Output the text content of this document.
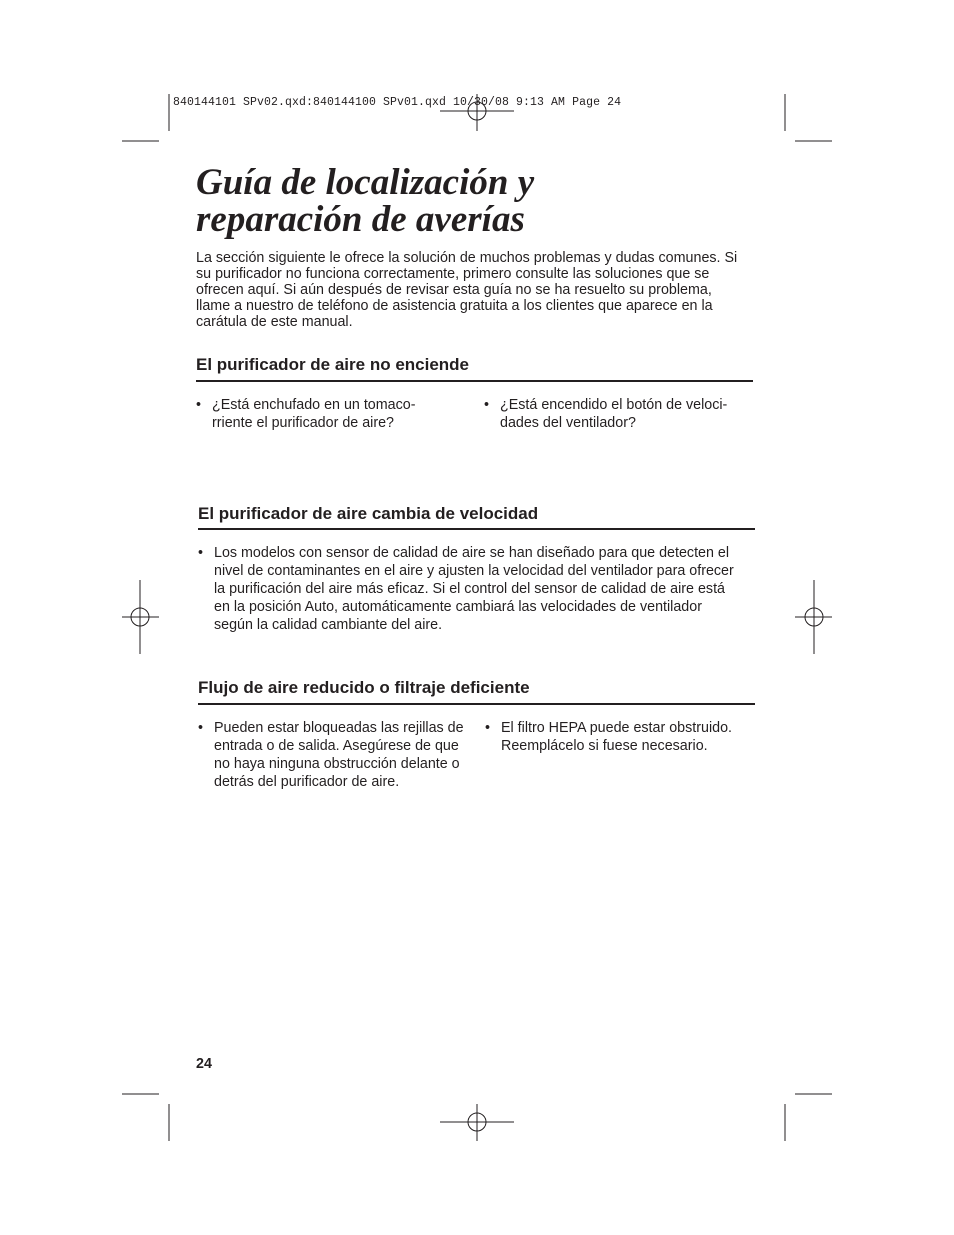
840144101 SPv02.qxd:840144100 SPv01.qxd 10/30/08 9:13 AM Page 24
Guía de localización y
reparación de averías

La sección siguiente le ofrece la solución de muchos problemas y dudas comunes. Si su purificador no funciona correctamente, primero consulte las soluciones que se ofrecen aquí. Si aún después de revisar esta guía no se ha resuelto su problema, llame a nuestro de teléfono de asistencia gratuita a los clientes que aparece en la carátula de este manual.

El purificador de aire no enciende
• ¿Está enchufado en un tomaco-
rriente el purificador de aire?
• ¿Está encendido el botón de veloci-
dades del ventilador?
El purificador de aire cambia de velocidad
• Los modelos con sensor de calidad de aire se han diseñado para que detecten el
nivel de contaminantes en el aire y ajusten la velocidad del ventilador para ofrecer
la purificación del aire más eficaz. Si el control del sensor de calidad de aire está
en la posición Auto, automáticamente cambiará las velocidades de ventilador
según la calidad cambiante del aire.
Flujo de aire reducido o filtraje deficiente
• Pueden estar bloqueadas las rejillas de
entrada o de salida. Asegúrese de que
no haya ninguna obstrucción delante o
detrás del purificador de aire.
• El filtro HEPA puede estar obstruido.
Reemplácelo si fuese necesario.
24
